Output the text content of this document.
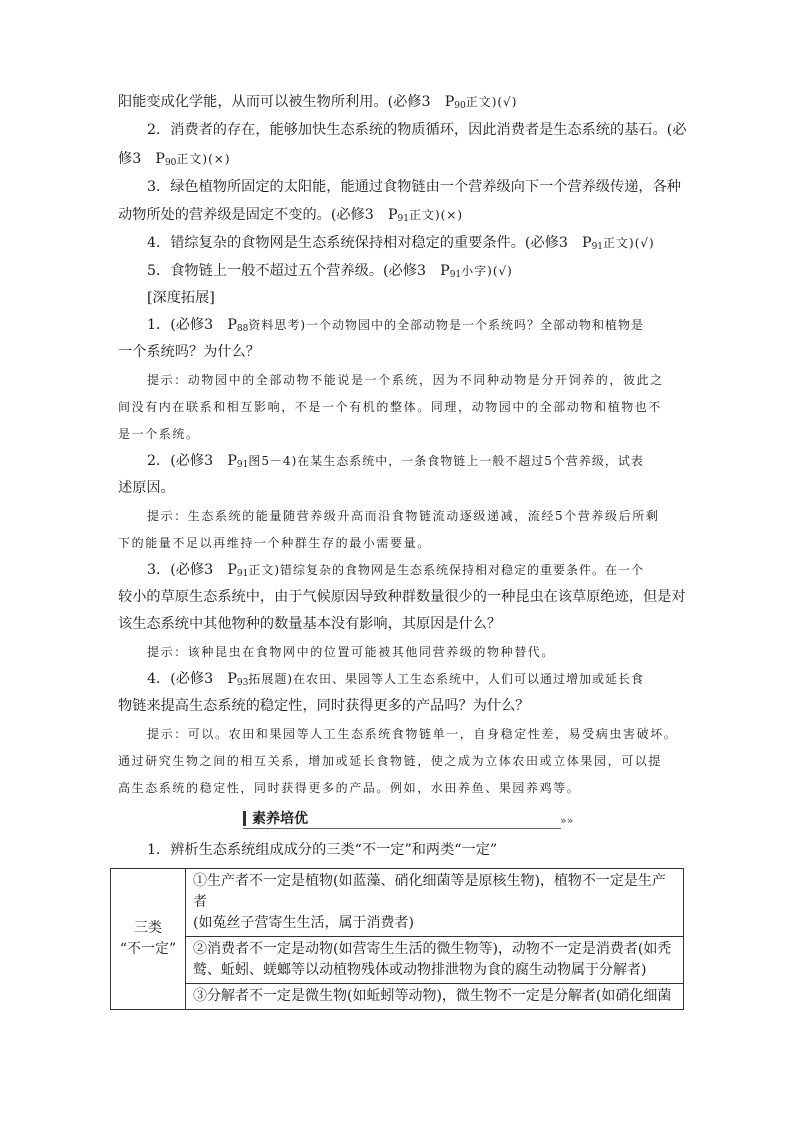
阳能变成化学能，从而可以被生物所利用。(必修3　$P_{90}$正文)(√)
2．消费者的存在，能够加快生态系统的物质循环，因此消费者是生态系统的基石。(必
修3　$P_{90}$正文)(×)
3．绿色植物所固定的太阳能，能通过食物链由一个营养级向下一个营养级传递，各种
动物所处的营养级是固定不变的。(必修3　$P_{91}$正文)(×)
4．错综复杂的食物网是生态系统保持相对稳定的重要条件。(必修3　$P_{91}$正文)(√)
5．食物链上一般不超过五个营养级。(必修3　$P_{91}$小字)(√)
[深度拓展]
1．(必修3　$P_{88}$资料思考)一个动物园中的全部动物是一个系统吗？全部动物和植物是
一个系统吗？为什么？
提示：动物园中的全部动物不能说是一个系统，因为不同种动物是分开饲养的，彼此之
间没有内在联系和相互影响，不是一个有机的整体。同理，动物园中的全部动物和植物也不
是一个系统。
2．(必修3　$P_{91}$图5－4)在某生态系统中，一条食物链上一般不超过5个营养级，试表
述原因。
提示：生态系统的能量随营养级升高而沿食物链流动逐级递减，流经5个营养级后所剩
下的能量不足以再维持一个种群生存的最小需要量。
3．(必修3　$P_{91}$正文)错综复杂的食物网是生态系统保持相对稳定的重要条件。在一个
较小的草原生态系统中，由于气候原因导致种群数量很少的一种昆虫在该草原绝迹，但是对
该生态系统中其他物种的数量基本没有影响，其原因是什么？
提示：该种昆虫在食物网中的位置可能被其他同营养级的物种替代。
4．(必修3　$P_{93}$拓展题)在农田、果园等人工生态系统中，人们可以通过增加或延长食
物链来提高生态系统的稳定性，同时获得更多的产品吗？为什么？
提示：可以。农田和果园等人工生态系统食物链单一，自身稳定性差，易受病虫害破坏。
通过研究生物之间的相互关系，增加或延长食物链，使之成为立体农田或立体果园，可以提
高生态系统的稳定性，同时获得更多的产品。例如，水田养鱼、果园养鸡等。
素养培优	»»
1．辨析生态系统组成成分的三类“不一定”和两类“一定”
三类
“不一定”

①生产者不一定是植物(如蓝藻、硝化细菌等是原核生物)，植物不一定是生产者
(如菟丝子营寄生生活，属于消费者)

②消费者不一定是动物(如营寄生生活的微生物等)，动物不一定是消费者(如秃
鹫、蚯蚓、蜣螂等以动植物残体或动物排泄物为食的腐生动物属于分解者)

③分解者不一定是微生物(如蚯蚓等动物)，微生物不一定是分解者(如硝化细菌
